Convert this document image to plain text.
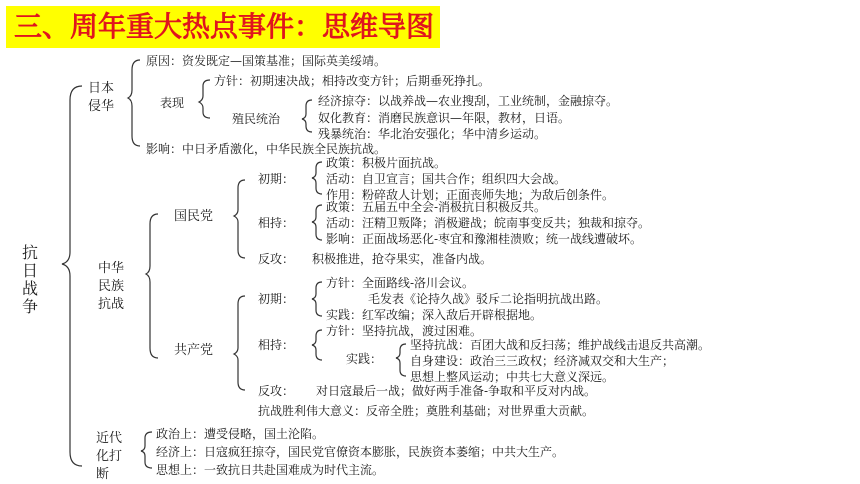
三、周年重大热点事件：思维导图
抗
日
战
争
日本
侵华
原因：资发既定—国策基准；国际英美绥靖。
表现
方针：初期速决战；相持改变方针；后期垂死挣扎。
殖民统治
经济掠夺：以战养战—农业搜刮，工业统制，金融掠夺。
奴化教育：消磨民族意识—年限，教材，日语。
残暴统治：华北治安强化；华中清乡运动。
影响：中日矛盾激化，中华民族全民族抗战。
中华
民族
抗战
国民党
初期：
政策：积极片面抗战。
活动：自卫宣言；国共合作；组织四大会战。
作用：粉碎敌人计划；正面丧师失地；为敌后创条件。
相持：
政策：五届五中全会-消极抗日积极反共。
活动：汪精卫叛降；消极避战；皖南事变反共；独裁和掠夺。
影响：正面战场恶化-枣宜和豫湘桂溃败；统一战线遭破坏。
反攻： 积极推进，抢夺果实，准备内战。
共产党
初期：
方针：全面路线-洛川会议。
毛发表《论持久战》驳斥二论指明抗战出路。
实践：红军改编；深入敌后开辟根据地。
相持：
方针：坚持抗战，渡过困难。
实践：
坚持抗战：百团大战和反扫荡；维护战线击退反共高潮。
自身建设：政治三三政权；经济减双交和大生产；
思想上整风运动；中共七大意义深远。
反攻： 对日寇最后一战；做好两手准备-争取和平反对内战。
抗战胜利伟大意义：反帝全胜；奠胜利基础；对世界重大贡献。
近代
化打
断
政治上：遭受侵略，国土沦陷。
经济上：日寇疯狂掠夺，国民党官僚资本膨胀，民族资本萎缩；中共大生产。
思想上：一致抗日共赴国难成为时代主流。
